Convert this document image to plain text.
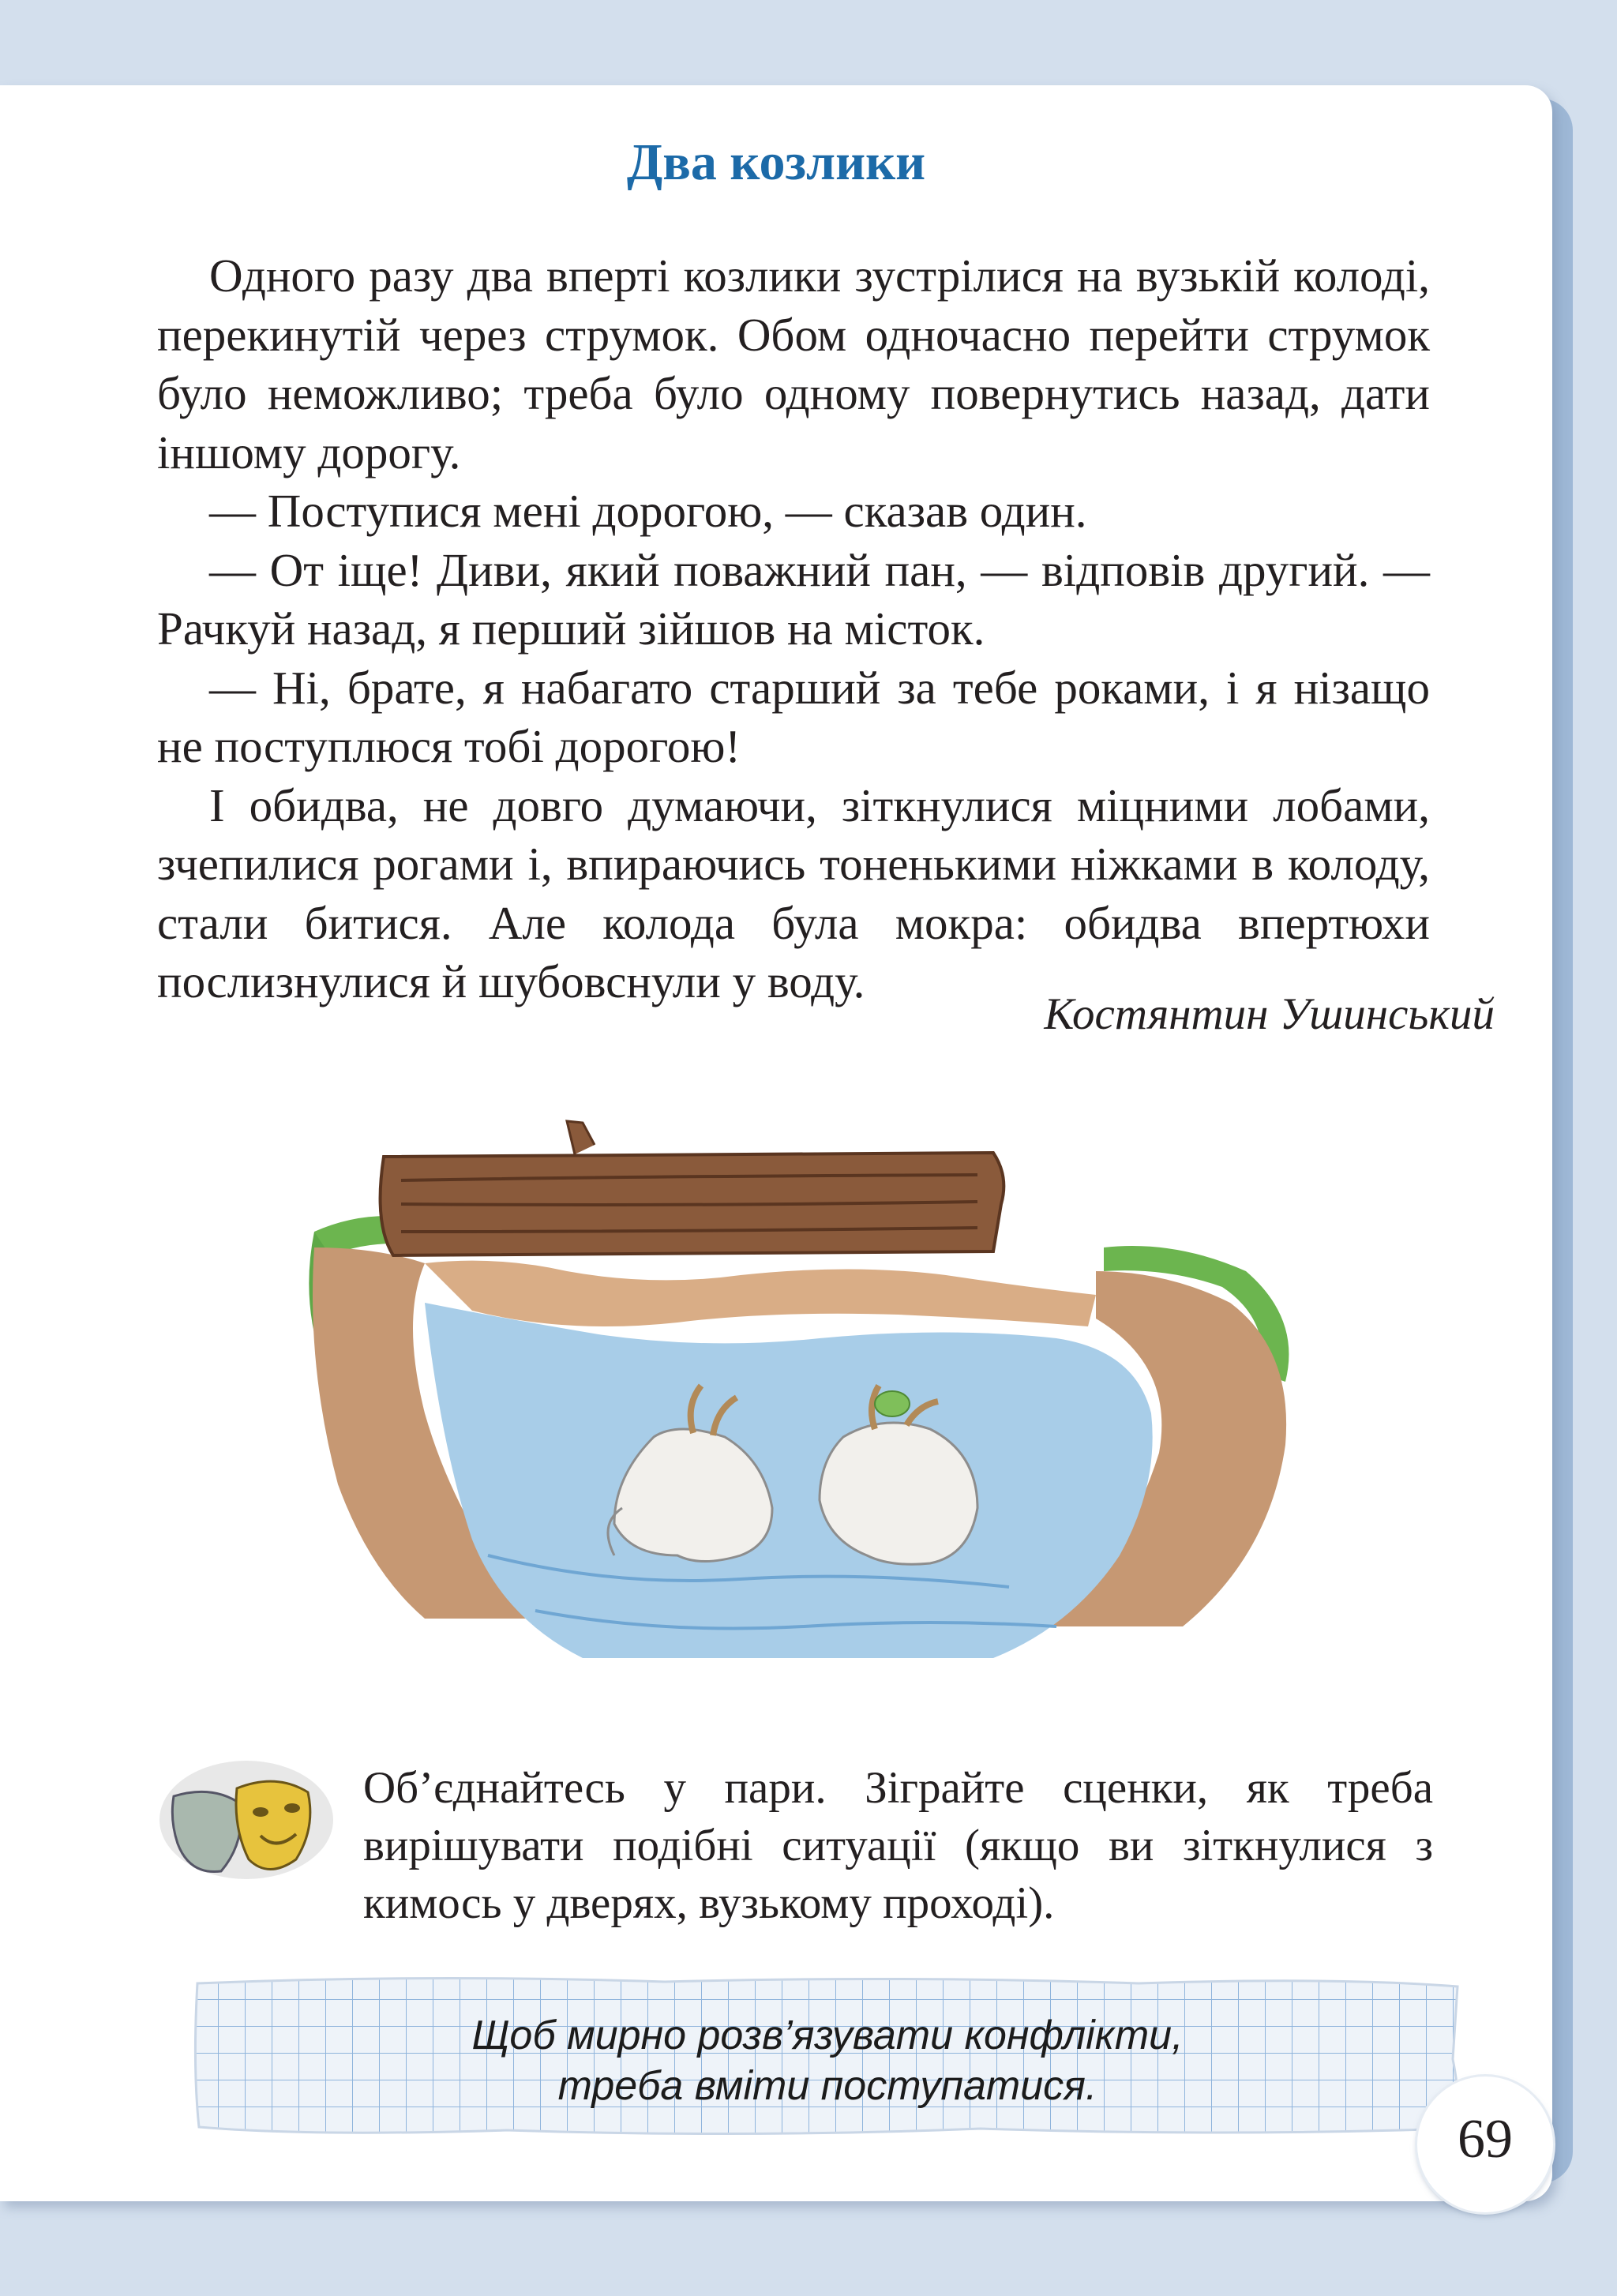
Два козлики

Одного разу два вперті козлики зустрілися на вузькій колоді, перекинутій через струмок. Обом одночасно перейти струмок було неможливо; треба було одному повернутись назад, дати іншому дорогу.

— Поступися мені дорогою, — сказав один.

— От іще! Диви, який поважний пан, — відповів другий. — Рачкуй назад, я перший зійшов на місток.

— Ні, брате, я набагато старший за тебе роками, і я нізащо не поступлюся тобі дорогою!

І обидва, не довго думаючи, зіткнулися міцними лобами, зчепилися рогами і, впираючись тоненькими ніжками в колоду, стали битися. Але колода була мокра: обидва впертюхи послизнулися й шубовснули у воду.

Костянтин Ушинський

Об’єднайтесь у пари. Зіграйте сценки, як треба вирішувати подібні ситуації (якщо ви зіткнулися з кимось у дверях, вузькому проході).

Щоб мирно розв’язувати конфлікти,
треба вміти поступатися.
69
